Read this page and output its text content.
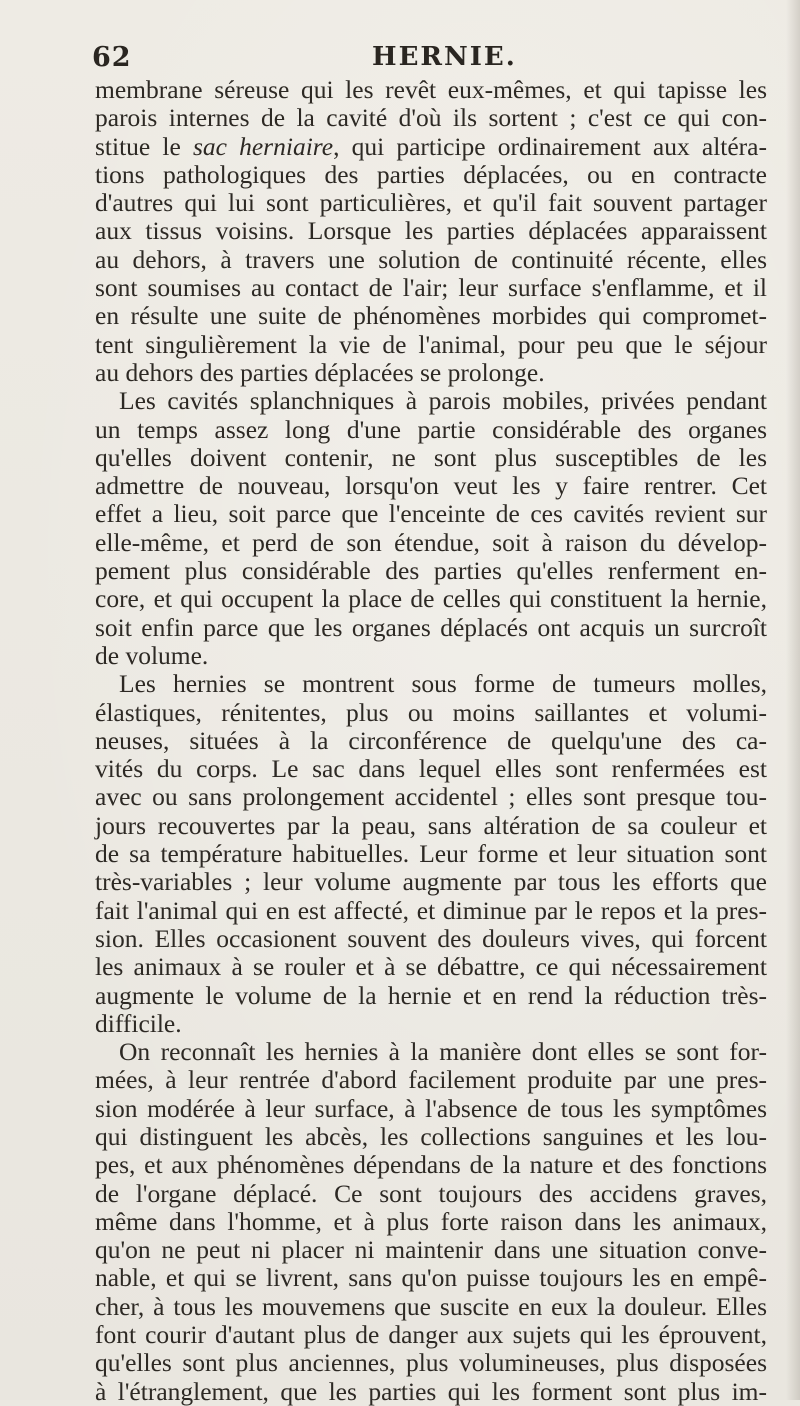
62	HERNIE.
membrane séreuse qui les revêt eux-mêmes, et qui tapisse les
parois internes de la cavité d'où ils sortent ; c'est ce qui con-
stitue le sac herniaire, qui participe ordinairement aux altéra-
tions pathologiques des parties déplacées, ou en contracte
d'autres qui lui sont particulières, et qu'il fait souvent partager
aux tissus voisins. Lorsque les parties déplacées apparaissent
au dehors, à travers une solution de continuité récente, elles
sont soumises au contact de l'air; leur surface s'enflamme, et il
en résulte une suite de phénomènes morbides qui compromet-
tent singulièrement la vie de l'animal, pour peu que le séjour
au dehors des parties déplacées se prolonge.
Les cavités splanchniques à parois mobiles, privées pendant
un temps assez long d'une partie considérable des organes
qu'elles doivent contenir, ne sont plus susceptibles de les
admettre de nouveau, lorsqu'on veut les y faire rentrer. Cet
effet a lieu, soit parce que l'enceinte de ces cavités revient sur
elle-même, et perd de son étendue, soit à raison du dévelop-
pement plus considérable des parties qu'elles renferment en-
core, et qui occupent la place de celles qui constituent la hernie,
soit enfin parce que les organes déplacés ont acquis un surcroît
de volume.
Les hernies se montrent sous forme de tumeurs molles,
élastiques, rénitentes, plus ou moins saillantes et volumi-
neuses, situées à la circonférence de quelqu'une des ca-
vités du corps. Le sac dans lequel elles sont renfermées est
avec ou sans prolongement accidentel ; elles sont presque tou-
jours recouvertes par la peau, sans altération de sa couleur et
de sa température habituelles. Leur forme et leur situation sont
très-variables ; leur volume augmente par tous les efforts que
fait l'animal qui en est affecté, et diminue par le repos et la pres-
sion. Elles occasionent souvent des douleurs vives, qui forcent
les animaux à se rouler et à se débattre, ce qui nécessairement
augmente le volume de la hernie et en rend la réduction très-
difficile.
On reconnaît les hernies à la manière dont elles se sont for-
mées, à leur rentrée d'abord facilement produite par une pres-
sion modérée à leur surface, à l'absence de tous les symptômes
qui distinguent les abcès, les collections sanguines et les lou-
pes, et aux phénomènes dépendans de la nature et des fonctions
de l'organe déplacé. Ce sont toujours des accidens graves,
même dans l'homme, et à plus forte raison dans les animaux,
qu'on ne peut ni placer ni maintenir dans une situation conve-
nable, et qui se livrent, sans qu'on puisse toujours les en empê-
cher, à tous les mouvemens que suscite en eux la douleur. Elles
font courir d'autant plus de danger aux sujets qui les éprouvent,
qu'elles sont plus anciennes, plus volumineuses, plus disposées
à l'étranglement, que les parties qui les forment sont plus im-
